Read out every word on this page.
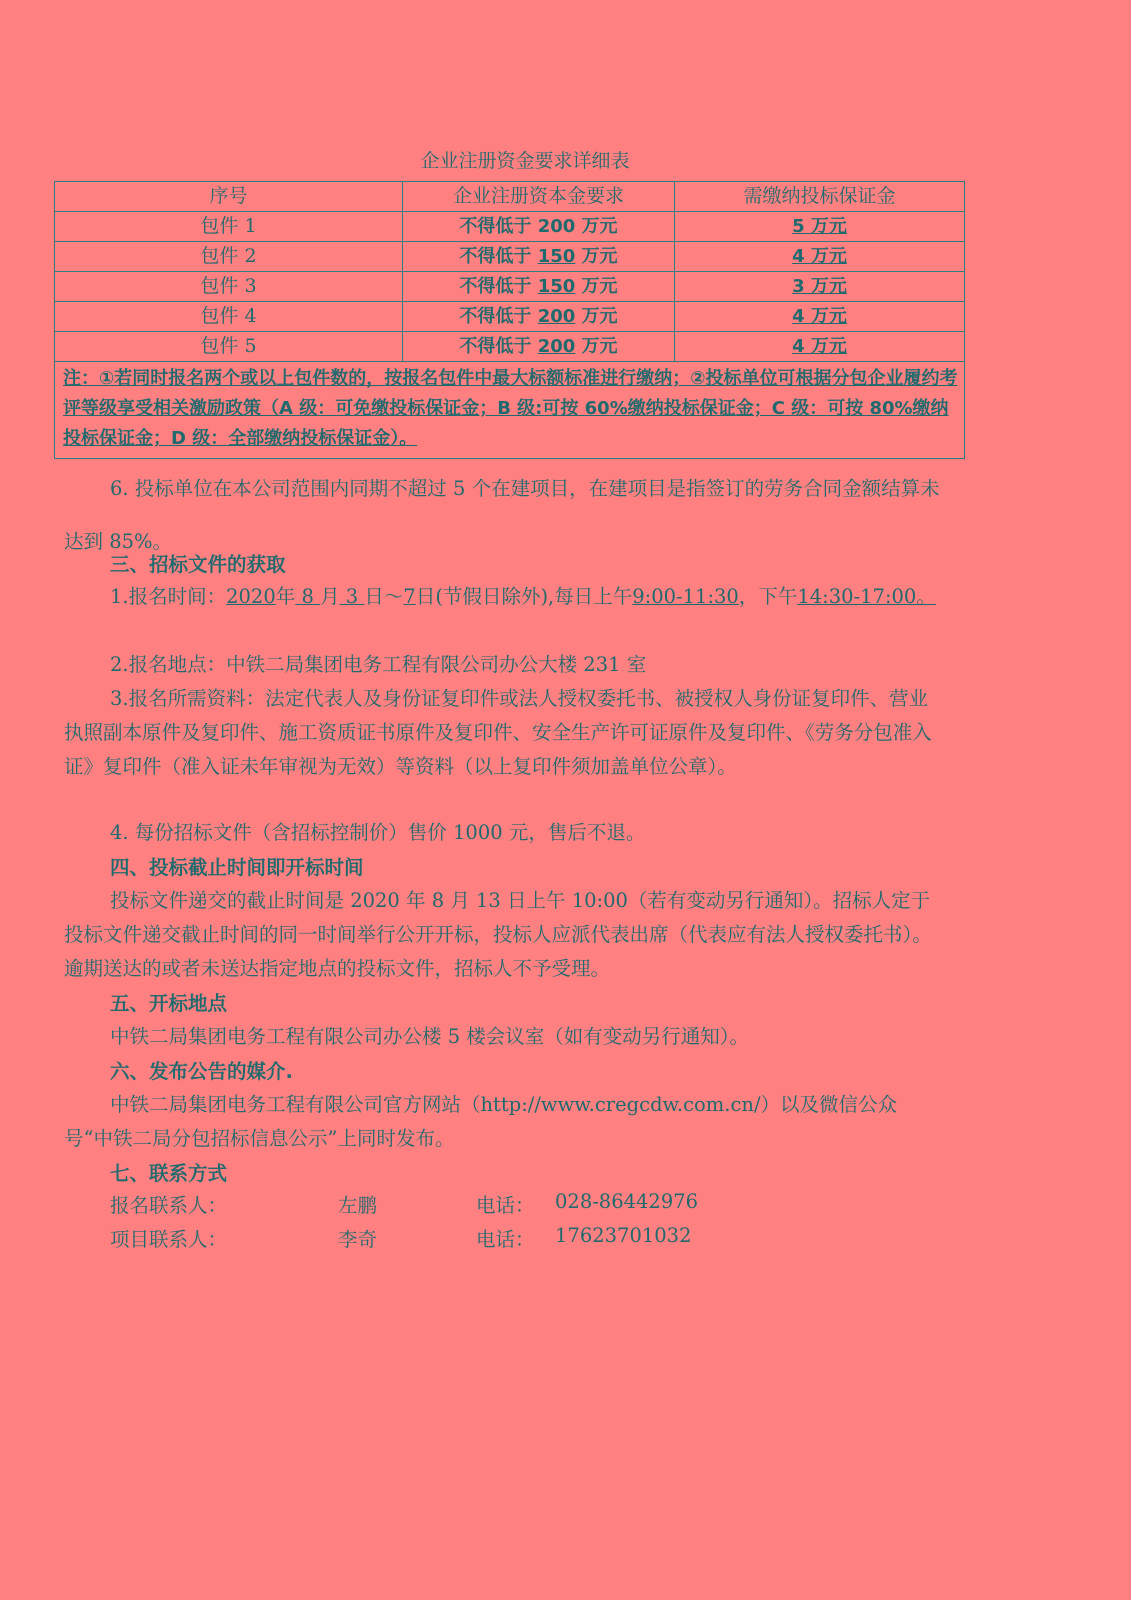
企业注册资金要求详细表
序号	企业注册资本金要求	需缴纳投标保证金
包件 1	不得低于 200 万元	5 万元
包件 2	不得低于 150 万元	4 万元
包件 3	不得低于 150 万元	3 万元
包件 4	不得低于 200 万元	4 万元
包件 5	不得低于 200 万元	4 万元
注：①若同时报名两个或以上包件数的，按报名包件中最大标额标准进行缴纳；②投标单位可根据分包企业履约考评等级享受相关激励政策（A 级：可免缴投标保证金；B 级:可按 60%缴纳投标保证金；C 级：可按 80%缴纳投标保证金；D 级：全部缴纳投标保证金）。		

6. 投标单位在本公司范围内同期不超过 5 个在建项目，在建项目是指签订的劳务合同金额结算未达到 85%。

三、招标文件的获取

1.报名时间：2020年 8 月 3 日～7日(节假日除外),每日上午9:00-11:30，下午14:30-17:00。

2.报名地点：中铁二局集团电务工程有限公司办公大楼 231 室

3.报名所需资料：法定代表人及身份证复印件或法人授权委托书、被授权人身份证复印件、营业执照副本原件及复印件、施工资质证书原件及复印件、安全生产许可证原件及复印件、《劳务分包准入证》复印件（准入证未年审视为无效）等资料（以上复印件须加盖单位公章）。

4. 每份招标文件（含招标控制价）售价 1000 元，售后不退。

四、投标截止时间即开标时间

投标文件递交的截止时间是 2020 年 8 月 13 日上午 10:00（若有变动另行通知）。招标人定于投标文件递交截止时间的同一时间举行公开开标，投标人应派代表出席（代表应有法人授权委托书）。逾期送达的或者未送达指定地点的投标文件，招标人不予受理。

五、开标地点

中铁二局集团电务工程有限公司办公楼 5 楼会议室（如有变动另行通知）。

六、发布公告的媒介.

中铁二局集团电务工程有限公司官方网站（http://www.cregcdw.com.cn/）以及微信公众号“中铁二局分包招标信息公示”上同时发布。

七、联系方式

报名联系人：	左鹏	电话： 028-86442976
项目联系人：	李奇	电话： 17623701032
